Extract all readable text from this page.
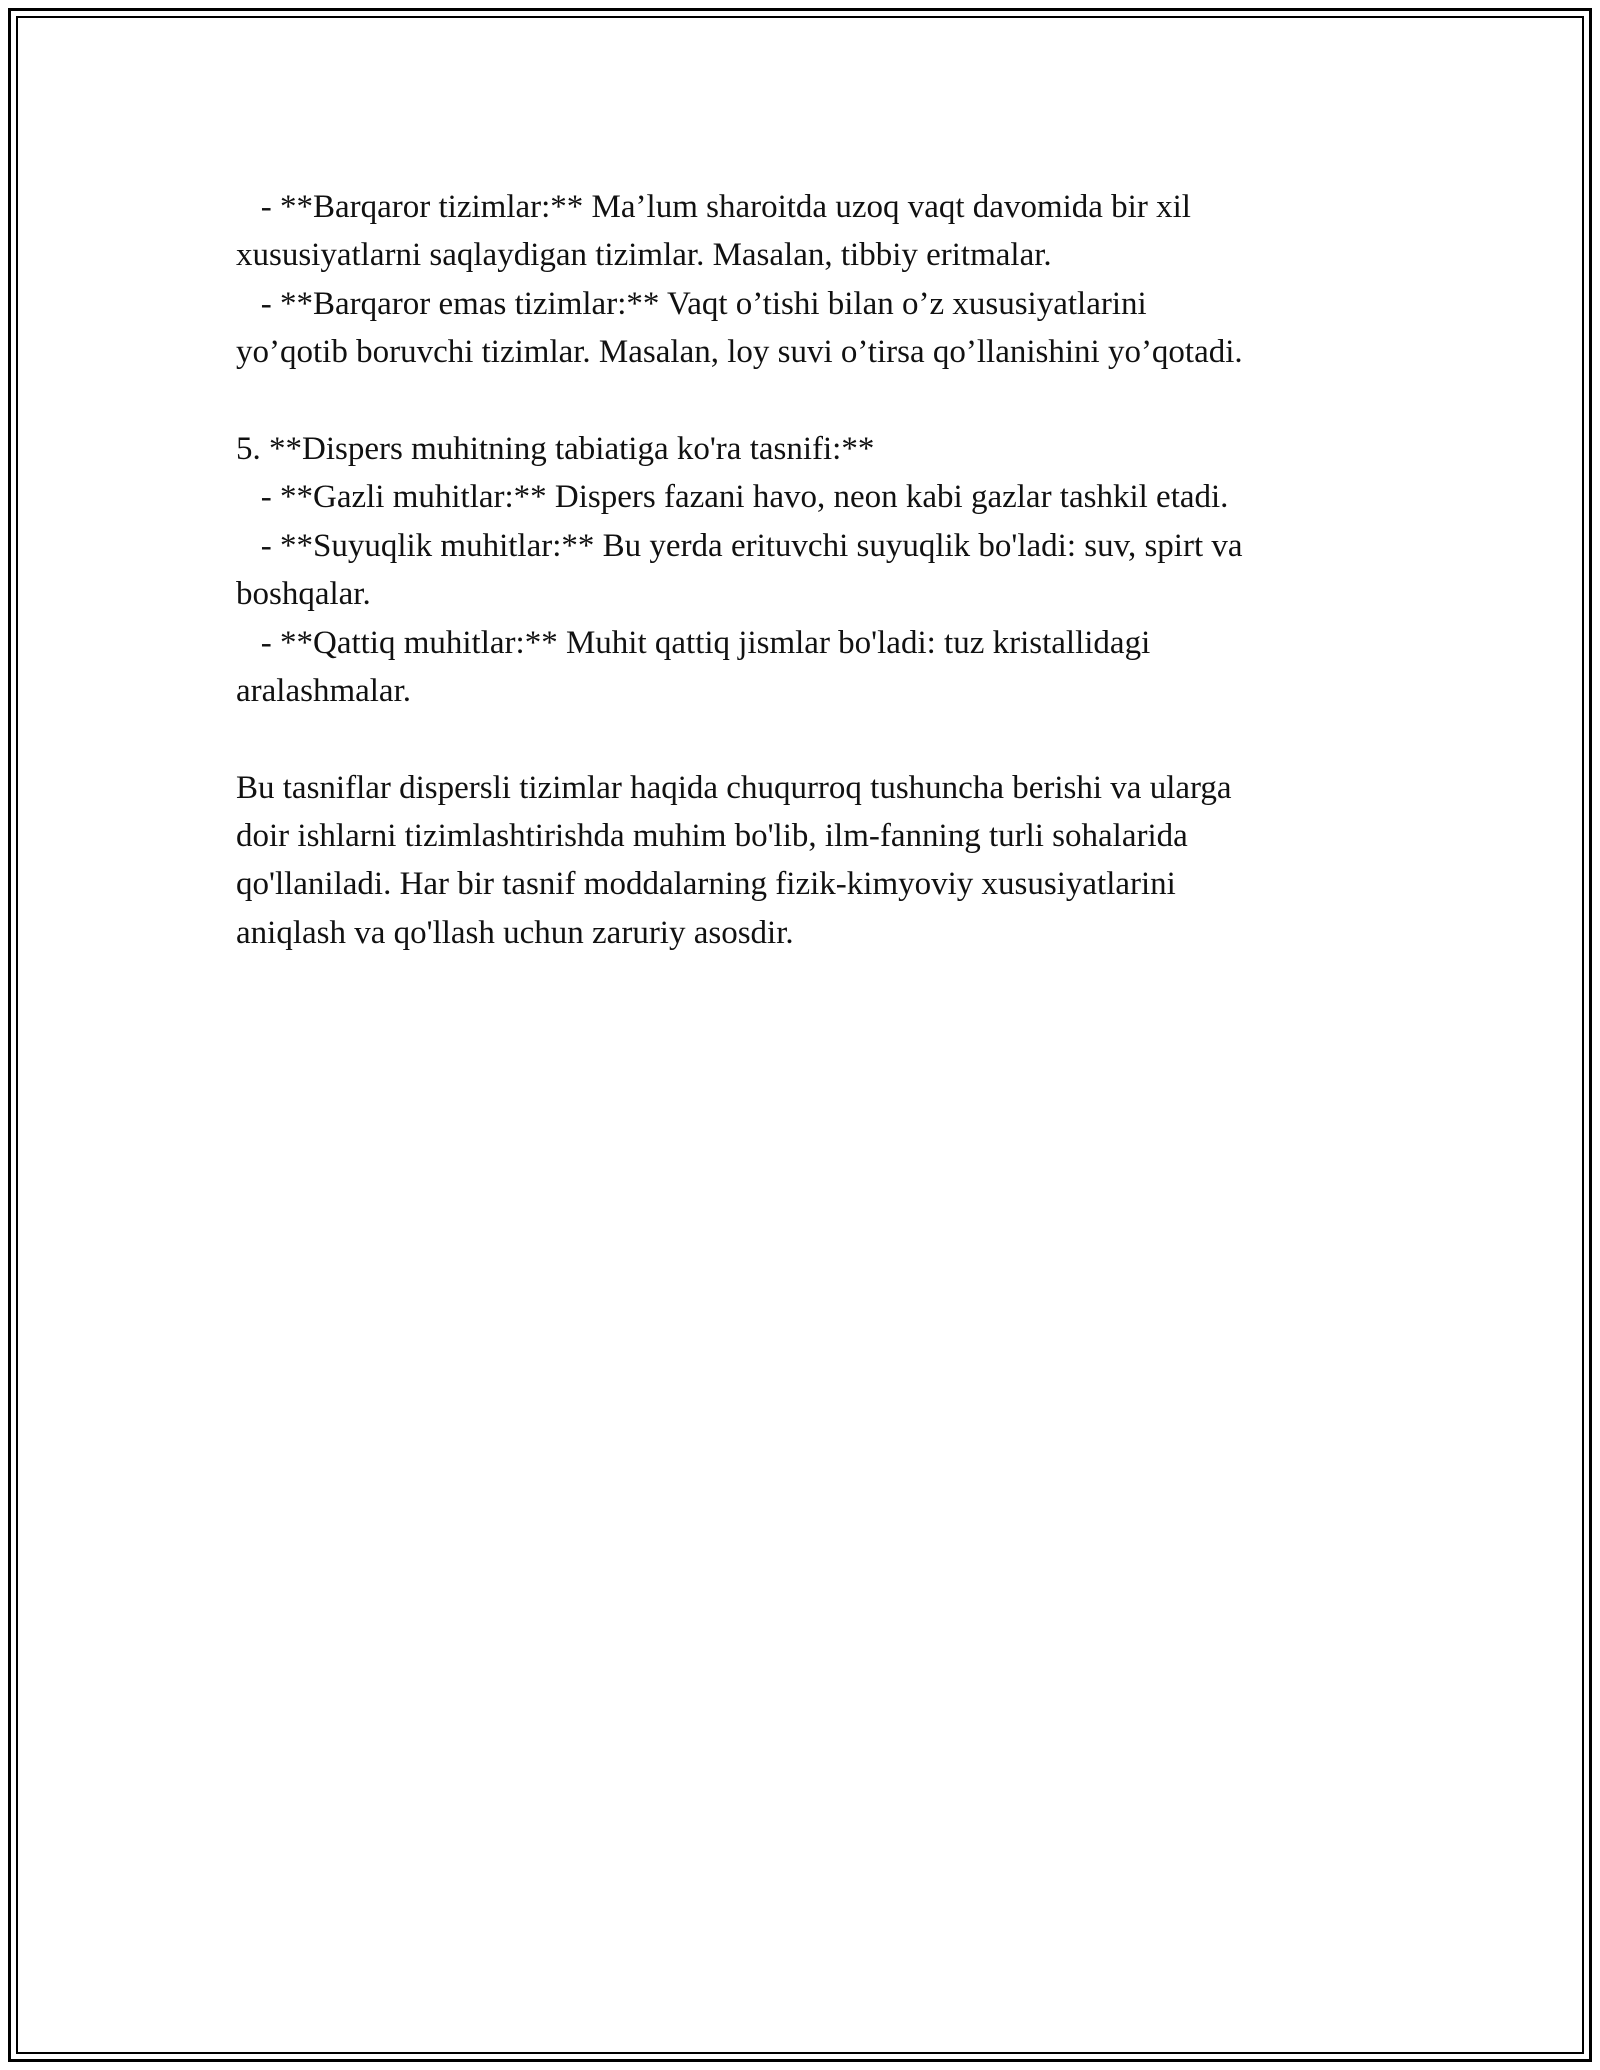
- **Barqaror tizimlar:** Ma’lum sharoitda uzoq vaqt davomida bir xil

xususiyatlarni saqlaydigan tizimlar. Masalan, tibbiy eritmalar.

- **Barqaror emas tizimlar:** Vaqt o’tishi bilan o’z xususiyatlarini

yo’qotib boruvchi tizimlar. Masalan, loy suvi o’tirsa qo’llanishini yo’qotadi.

5. **Dispers muhitning tabiatiga ko'ra tasnifi:**

- **Gazli muhitlar:** Dispers fazani havo, neon kabi gazlar tashkil etadi.

- **Suyuqlik muhitlar:** Bu yerda erituvchi suyuqlik bo'ladi: suv, spirt va

boshqalar.

- **Qattiq muhitlar:** Muhit qattiq jismlar bo'ladi: tuz kristallidagi

aralashmalar.

Bu tasniflar dispersli tizimlar haqida chuqurroq tushuncha berishi va ularga

doir ishlarni tizimlashtirishda muhim bo'lib, ilm-fanning turli sohalarida

qo'llaniladi. Har bir tasnif moddalarning fizik-kimyoviy xususiyatlarini

aniqlash va qo'llash uchun zaruriy asosdir.
